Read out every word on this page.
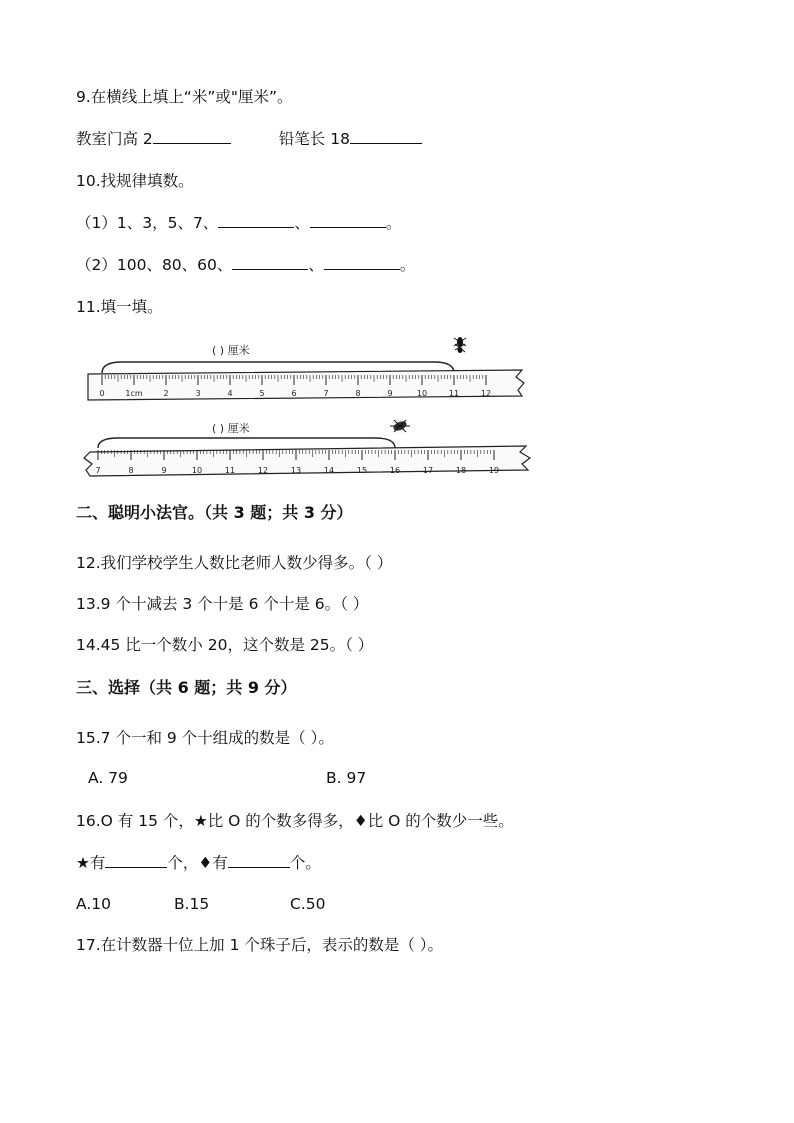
9.在横线上填上“米”或"厘米”。
教室门高 2	铅笔长 18
10.找规律填数。
（1）1、3，5、7、	、	。
（2）100、80、60、	、	。
11.填一填。
( ) 厘米
0	1cm	2	3	4	5	6	7	8	9	10	11	12
( ) 厘米
7	8	9	10	11	12	13	14	15	16	17	18	19
二、聪明小法官。（共 3 题；共 3 分）
12.我们学校学生人数比老师人数少得多。（ ）
13.9 个十减去 3 个十是 6 个十是 6。（ ）
14.45 比一个数小 20，这个数是 25。（ ）
三、选择（共 6 题；共 9 分）
15.7 个一和 9 个十组成的数是（ ）。
A. 79	B. 97
16.O 有 15 个，★比 O 的个数多得多，♦比 O 的个数少一些。
★有	个，♦有	个。
A.10	B.15	C.50
17.在计数器十位上加 1 个珠子后，表示的数是（ ）。
